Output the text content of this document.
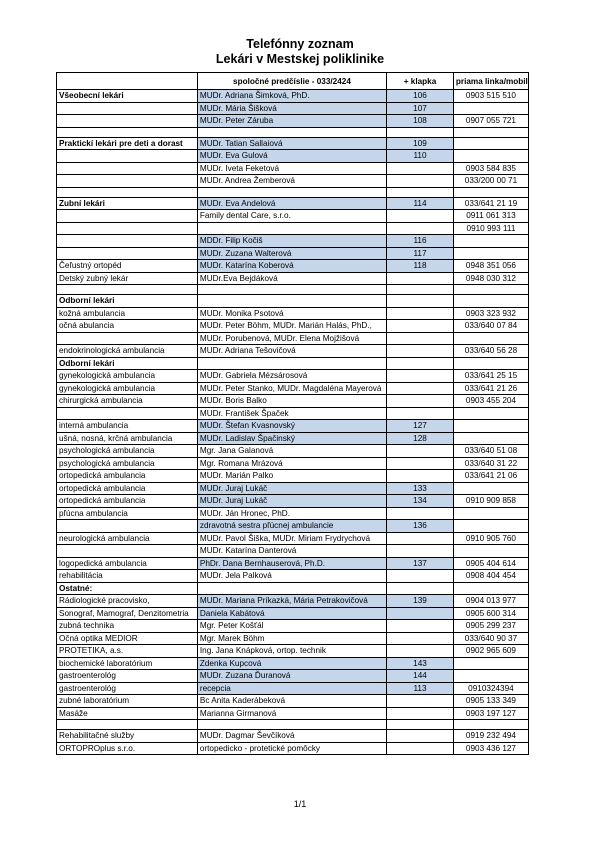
Telefónny zoznam
Lekári v Mestskej poliklinike
	spoločné predčíslie - 033/2424	+ klapka	priama linka/mobil
Všeobecní lekári	MUDr. Adriana Šimková, PhD.	106	0903 515 510
	MUDr. Mária Šišková	107	
	MUDr. Peter Záruba	108	0907 055 721

Praktickí lekári pre deti a dorast	MUDr. Tatian Sallaiová	109	
	MUDr. Eva Gulová	110	
	MUDr. Iveta Feketová		0903 584 835
	MUDr. Andrea Žemberová		033/200 00 71

Zubní lekári	MUDr. Eva Andelová	114	033/641 21 19
	Family dental Care, s.r.o.		0911 061 313
			0910 993 111
	MDDr. Filip Kočiš	116	
	MUDr. Zuzana Walterová	117	
Čeľustný ortopéd	MUDr. Katarína Koberová	118	0948 351 056
Detský zubný lekár	MUDr.Eva Bejdáková		0948 030 312

Odborní lekári			
kožná ambulancia	MUDr. Monika Psotová		0903 323 932
očná abulancia	MUDr. Peter Böhm, MUDr. Marián Halás, PhD.,		033/640 07 84
	MUDr. Porubenová, MUDr. Elena Mojžišová		
endokrinologická ambulancia	MUDr. Adriana Tešovičová		033/640 56 28
Odborní lekári			
gynekologická ambulancia	MUDr. Gabriela Mézsárosová		033/641 25 15
gynekologická ambulancia	MUDr. Peter Stanko, MUDr. Magdaléna Mayerová		033/641 21 26
chirurgická ambulancia	MUDr. Boris Balko		0903 455 204
	MUDr. František Špaček		
interná ambulancia	MUDr. Štefan Kvasnovský	127	
ušná, nosná, krčná ambulancia	MUDr. Ladislav Špačinský	128	
psychologická ambulancia	Mgr. Jana Galanová		033/640 51 08
psychologická ambulancia	Mgr. Romana Mrázová		033/640 31 22
ortopedická ambulancia	MUDr. Marián Palko		033/641 21 06
ortopedická ambulancia	MUDr. Juraj Lukáč	133	
ortopedická ambulancia	MUDr. Juraj Lukáč	134	0910 909 858
pľúcna ambulancia	MUDr. Ján Hronec, PhD.		
	zdravotná sestra pľúcnej ambulancie	136	
neurologická ambulancia	MUDr. Pavol Šiška, MUDr. Miriam Frydrychová		0910 905 760
	MUDr. Katarína Danterová		
logopedická ambulancia	PhDr. Dana Bernhauserová, Ph.D.	137	0905 404 614
rehabilitácia	MUDr. Jela Palková		0908 404 454
Ostatné:			
Rádiologické pracovisko,	MUDr. Mariana Príkazká, Mária Petrakovičová	139	0904 013 977
Sonograf, Mamograf, Denzitometria	Daniela Kabátová		0905 600 314
zubná technika	Mgr. Peter Košťál		0905 299 237
Očná optika MEDIOR	Mgr. Marek Böhm		033/640 90 37
PROTETIKA, a.s.	Ing. Jana Knápková, ortop. technik		0902 965 609
biochemické laboratórium	Zdenka Kupcová	143	
gastroenterológ	MUDr. Zuzana Ďuranová	144	
gastroenterológ	recepcia	113	0910324394
zubné laboratórium	Bc Anita Kaderábeková		0905 133 349
Masáže	Marianna Girmanová		0903 197 127

Rehabilitačné služby	MUDr. Dagmar Ševčíková		0919 232 494
ORTOPROplus s.r.o.	ortopedicko - protetické pomôcky		0903 436 127
1/1
